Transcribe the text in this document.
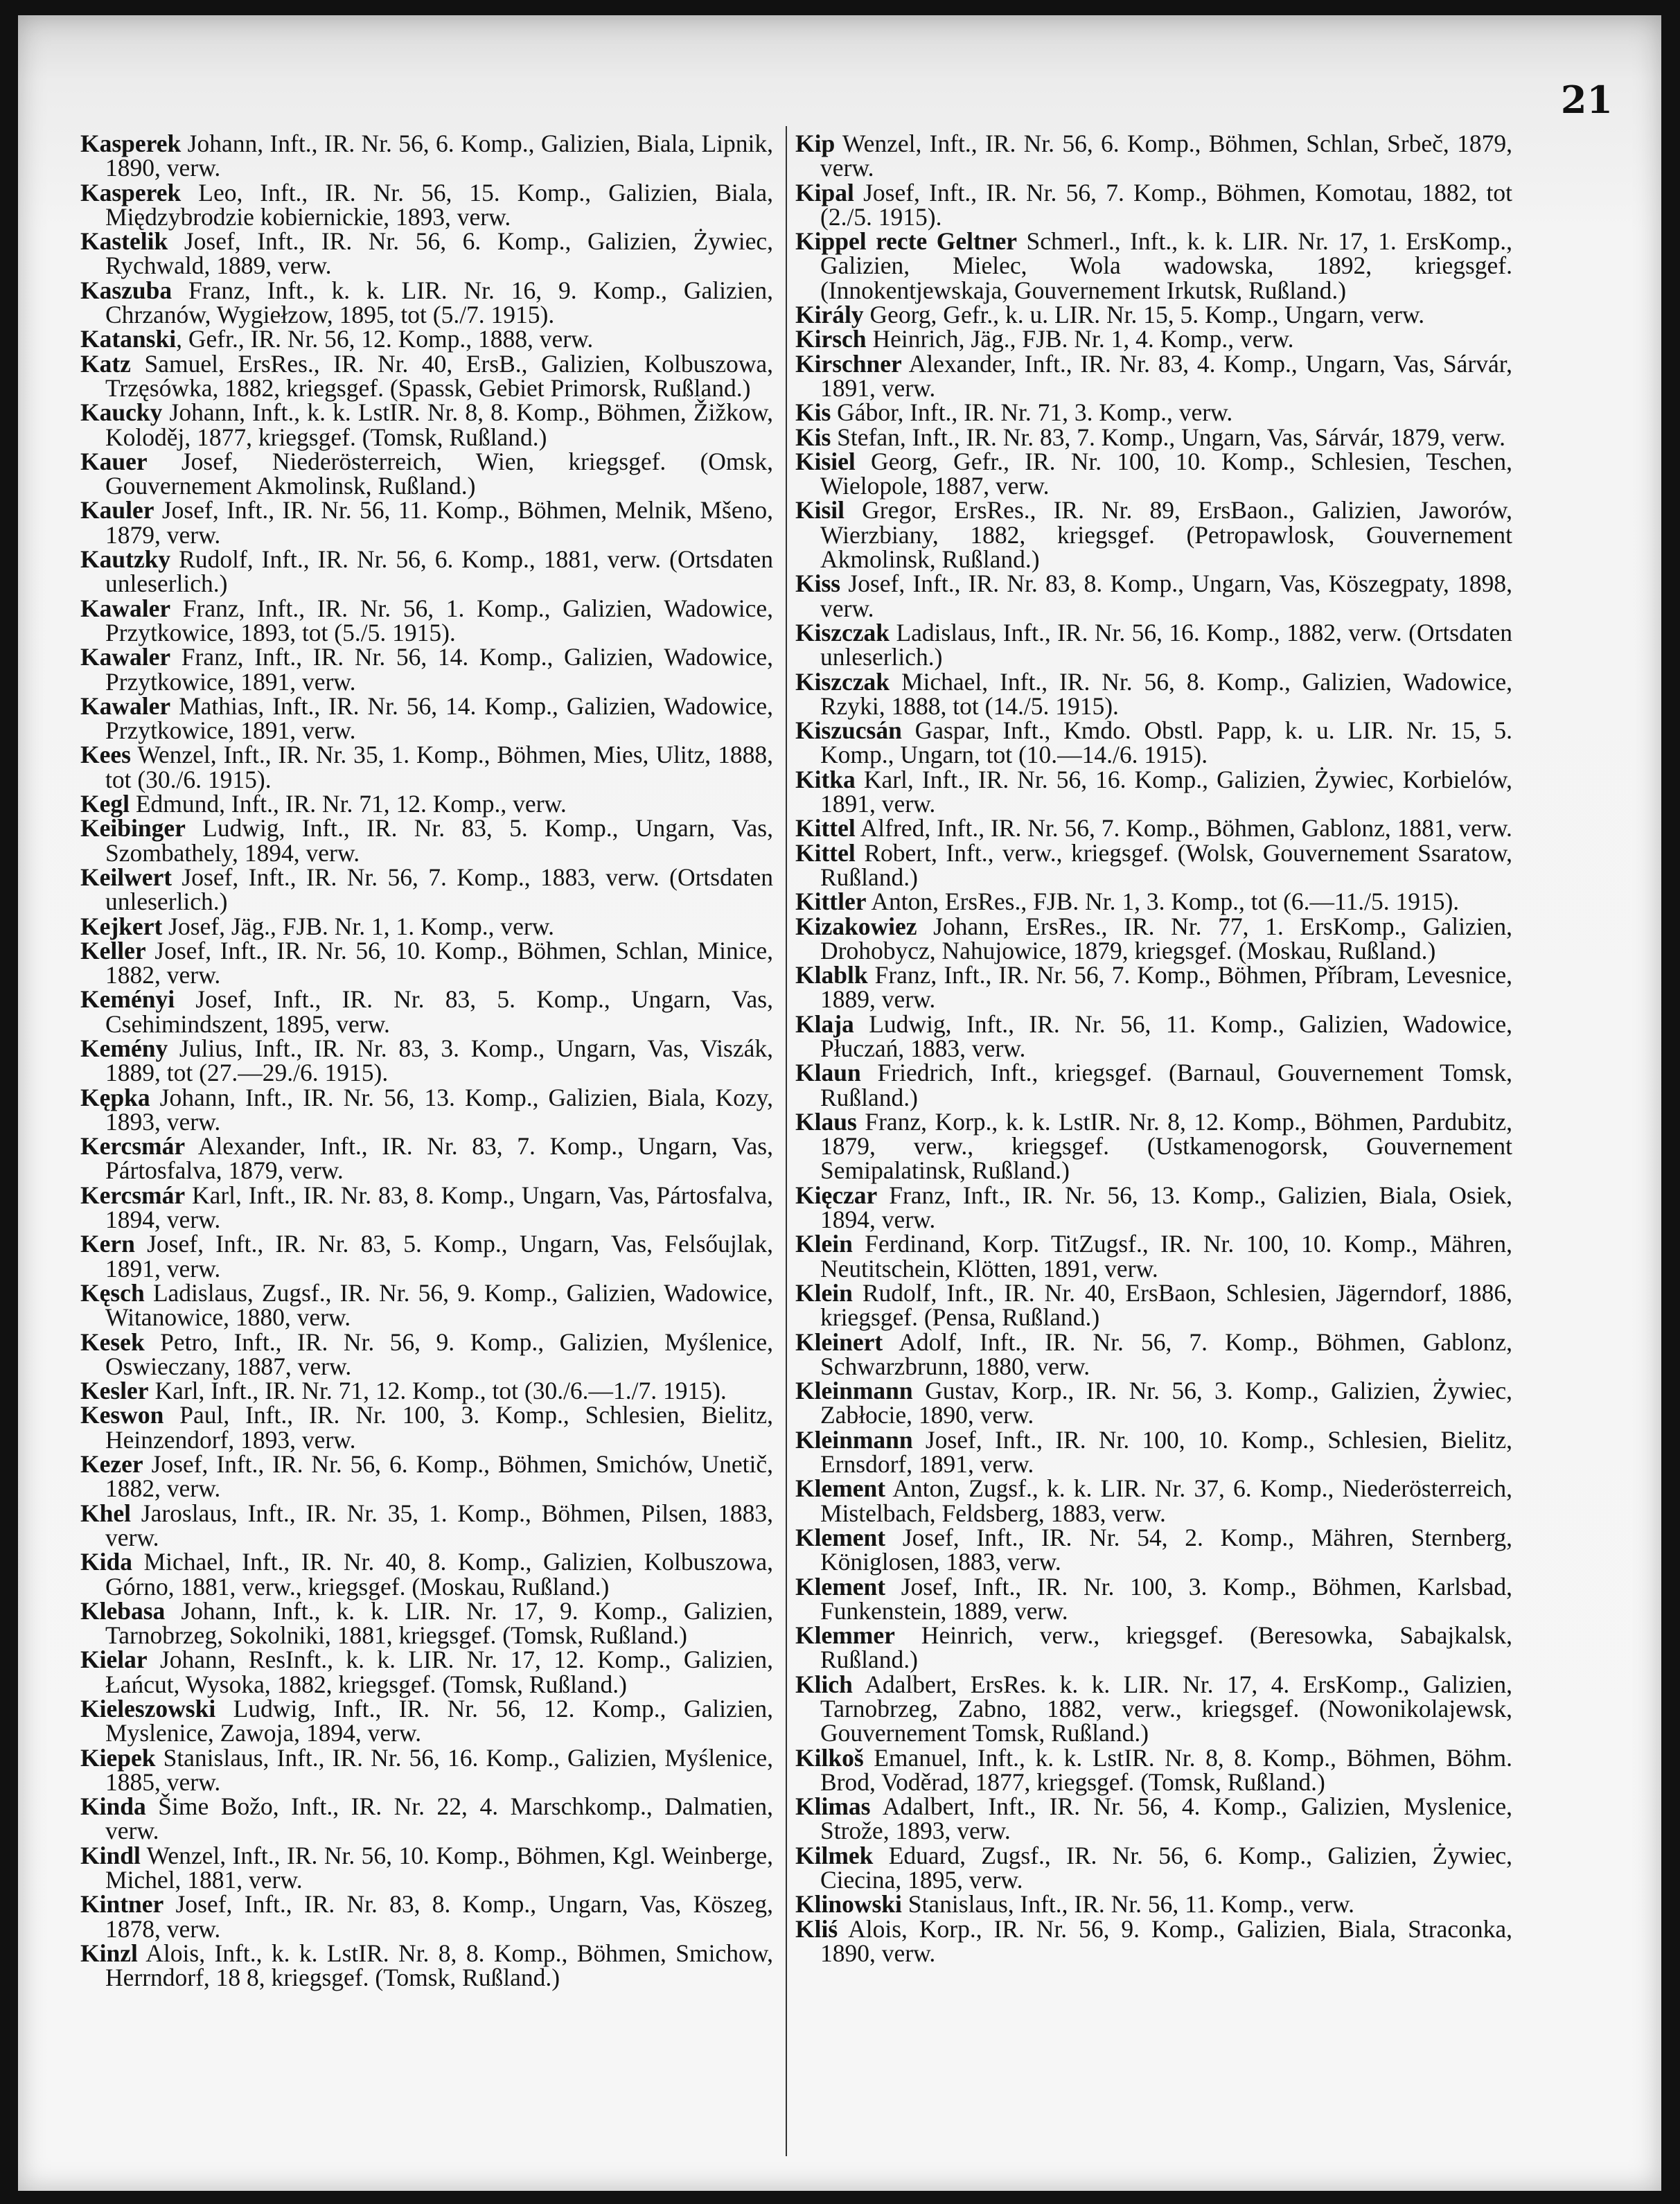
21
Kasperek Johann, Inft., IR. Nr. 56, 6. Komp., Galizien, Biala, Lipnik, 1890, verw.
Kasperek Leo, Inft., IR. Nr. 56, 15. Komp., Galizien, Biala, Międzybrodzie kobiernickie, 1893, verw.
Kastelik Josef, Inft., IR. Nr. 56, 6. Komp., Galizien, Żywiec, Rychwald, 1889, verw.
Kaszuba Franz, Inft., k. k. LIR. Nr. 16, 9. Komp., Galizien, Chrzanów, Wygiełzow, 1895, tot (5./7. 1915).
Katanski, Gefr., IR. Nr. 56, 12. Komp., 1888, verw.
Katz Samuel, ErsRes., IR. Nr. 40, ErsB., Galizien, Kolbuszowa, Trzęsówka, 1882, kriegsgef. (Spassk, Gebiet Primorsk, Rußland.)
Kaucky Johann, Inft., k. k. LstIR. Nr. 8, 8. Komp., Böhmen, Žižkow, Koloděj, 1877, kriegsgef. (Tomsk, Rußland.)
Kauer Josef, Niederösterreich, Wien, kriegsgef. (Omsk, Gouvernement Akmolinsk, Rußland.)
Kauler Josef, Inft., IR. Nr. 56, 11. Komp., Böhmen, Melnik, Mšeno, 1879, verw.
Kautzky Rudolf, Inft., IR. Nr. 56, 6. Komp., 1881, verw. (Ortsdaten unleserlich.)
Kawaler Franz, Inft., IR. Nr. 56, 1. Komp., Galizien, Wadowice, Przytkowice, 1893, tot (5./5. 1915).
Kawaler Franz, Inft., IR. Nr. 56, 14. Komp., Galizien, Wadowice, Przytkowice, 1891, verw.
Kawaler Mathias, Inft., IR. Nr. 56, 14. Komp., Galizien, Wadowice, Przytkowice, 1891, verw.
Kees Wenzel, Inft., IR. Nr. 35, 1. Komp., Böhmen, Mies, Ulitz, 1888, tot (30./6. 1915).
Kegl Edmund, Inft., IR. Nr. 71, 12. Komp., verw.
Keibinger Ludwig, Inft., IR. Nr. 83, 5. Komp., Ungarn, Vas, Szombathely, 1894, verw.
Keilwert Josef, Inft., IR. Nr. 56, 7. Komp., 1883, verw. (Ortsdaten unleserlich.)
Kejkert Josef, Jäg., FJB. Nr. 1, 1. Komp., verw.
Keller Josef, Inft., IR. Nr. 56, 10. Komp., Böhmen, Schlan, Minice, 1882, verw.
Keményi Josef, Inft., IR. Nr. 83, 5. Komp., Ungarn, Vas, Csehimindszent, 1895, verw.
Kemény Julius, Inft., IR. Nr. 83, 3. Komp., Ungarn, Vas, Viszák, 1889, tot (27.—29./6. 1915).
Kępka Johann, Inft., IR. Nr. 56, 13. Komp., Galizien, Biala, Kozy, 1893, verw.
Kercsmár Alexander, Inft., IR. Nr. 83, 7. Komp., Ungarn, Vas, Pártosfalva, 1879, verw.
Kercsmár Karl, Inft., IR. Nr. 83, 8. Komp., Ungarn, Vas, Pártosfalva, 1894, verw.
Kern Josef, Inft., IR. Nr. 83, 5. Komp., Ungarn, Vas, Felsőujlak, 1891, verw.
Kęsch Ladislaus, Zugsf., IR. Nr. 56, 9. Komp., Galizien, Wadowice, Witanowice, 1880, verw.
Kesek Petro, Inft., IR. Nr. 56, 9. Komp., Galizien, Myślenice, Oswieczany, 1887, verw.
Kesler Karl, Inft., IR. Nr. 71, 12. Komp., tot (30./6.—1./7. 1915).
Keswon Paul, Inft., IR. Nr. 100, 3. Komp., Schlesien, Bielitz, Heinzendorf, 1893, verw.
Kezer Josef, Inft., IR. Nr. 56, 6. Komp., Böhmen, Smichów, Unetič, 1882, verw.
Khel Jaroslaus, Inft., IR. Nr. 35, 1. Komp., Böhmen, Pilsen, 1883, verw.
Kida Michael, Inft., IR. Nr. 40, 8. Komp., Galizien, Kolbuszowa, Górno, 1881, verw., kriegsgef. (Moskau, Rußland.)
Klebasa Johann, Inft., k. k. LIR. Nr. 17, 9. Komp., Galizien, Tarnobrzeg, Sokolniki, 1881, kriegsgef. (Tomsk, Rußland.)
Kielar Johann, ResInft., k. k. LIR. Nr. 17, 12. Komp., Galizien, Łańcut, Wysoka, 1882, kriegsgef. (Tomsk, Rußland.)
Kieleszowski Ludwig, Inft., IR. Nr. 56, 12. Komp., Galizien, Myslenice, Zawoja, 1894, verw.
Kiepek Stanislaus, Inft., IR. Nr. 56, 16. Komp., Galizien, Myślenice, 1885, verw.
Kinda Šime Božo, Inft., IR. Nr. 22, 4. Marschkomp., Dalmatien, verw.
Kindl Wenzel, Inft., IR. Nr. 56, 10. Komp., Böhmen, Kgl. Weinberge, Michel, 1881, verw.
Kintner Josef, Inft., IR. Nr. 83, 8. Komp., Ungarn, Vas, Köszeg, 1878, verw.
Kinzl Alois, Inft., k. k. LstIR. Nr. 8, 8. Komp., Böhmen, Smichow, Herrndorf, 18 8, kriegsgef. (Tomsk, Rußland.)
Kip Wenzel, Inft., IR. Nr. 56, 6. Komp., Böhmen, Schlan, Srbeč, 1879, verw.
Kipal Josef, Inft., IR. Nr. 56, 7. Komp., Böhmen, Komotau, 1882, tot (2./5. 1915).
Kippel recte Geltner Schmerl., Inft., k. k. LIR. Nr. 17, 1. ErsKomp., Galizien, Mielec, Wola wadowska, 1892, kriegsgef. (Innokentjewskaja, Gouvernement Irkutsk, Rußland.)
Király Georg, Gefr., k. u. LIR. Nr. 15, 5. Komp., Ungarn, verw.
Kirsch Heinrich, Jäg., FJB. Nr. 1, 4. Komp., verw.
Kirschner Alexander, Inft., IR. Nr. 83, 4. Komp., Ungarn, Vas, Sárvár, 1891, verw.
Kis Gábor, Inft., IR. Nr. 71, 3. Komp., verw.
Kis Stefan, Inft., IR. Nr. 83, 7. Komp., Ungarn, Vas, Sárvár, 1879, verw.
Kisiel Georg, Gefr., IR. Nr. 100, 10. Komp., Schlesien, Teschen, Wielopole, 1887, verw.
Kisil Gregor, ErsRes., IR. Nr. 89, ErsBaon., Galizien, Jaworów, Wierzbiany, 1882, kriegsgef. (Petropawlosk, Gouvernement Akmolinsk, Rußland.)
Kiss Josef, Inft., IR. Nr. 83, 8. Komp., Ungarn, Vas, Köszegpaty, 1898, verw.
Kiszczak Ladislaus, Inft., IR. Nr. 56, 16. Komp., 1882, verw. (Ortsdaten unleserlich.)
Kiszczak Michael, Inft., IR. Nr. 56, 8. Komp., Galizien, Wadowice, Rzyki, 1888, tot (14./5. 1915).
Kiszucsán Gaspar, Inft., Kmdo. Obstl. Papp, k. u. LIR. Nr. 15, 5. Komp., Ungarn, tot (10.—14./6. 1915).
Kitka Karl, Inft., IR. Nr. 56, 16. Komp., Galizien, Żywiec, Korbielów, 1891, verw.
Kittel Alfred, Inft., IR. Nr. 56, 7. Komp., Böhmen, Gablonz, 1881, verw.
Kittel Robert, Inft., verw., kriegsgef. (Wolsk, Gouvernement Ssaratow, Rußland.)
Kittler Anton, ErsRes., FJB. Nr. 1, 3. Komp., tot (6.—11./5. 1915).
Kizakowiez Johann, ErsRes., IR. Nr. 77, 1. ErsKomp., Galizien, Drohobycz, Nahujowice, 1879, kriegsgef. (Moskau, Rußland.)
Klablk Franz, Inft., IR. Nr. 56, 7. Komp., Böhmen, Příbram, Levesnice, 1889, verw.
Klaja Ludwig, Inft., IR. Nr. 56, 11. Komp., Galizien, Wadowice, Płuczań, 1883, verw.
Klaun Friedrich, Inft., kriegsgef. (Barnaul, Gouvernement Tomsk, Rußland.)
Klaus Franz, Korp., k. k. LstIR. Nr. 8, 12. Komp., Böhmen, Pardubitz, 1879, verw., kriegsgef. (Ustkamenogorsk, Gouvernement Semipalatinsk, Rußland.)
Kięczar Franz, Inft., IR. Nr. 56, 13. Komp., Galizien, Biala, Osiek, 1894, verw.
Klein Ferdinand, Korp. TitZugsf., IR. Nr. 100, 10. Komp., Mähren, Neutitschein, Klötten, 1891, verw.
Klein Rudolf, Inft., IR. Nr. 40, ErsBaon, Schlesien, Jägerndorf, 1886, kriegsgef. (Pensa, Rußland.)
Kleinert Adolf, Inft., IR. Nr. 56, 7. Komp., Böhmen, Gablonz, Schwarzbrunn, 1880, verw.
Kleinmann Gustav, Korp., IR. Nr. 56, 3. Komp., Galizien, Żywiec, Zabłocie, 1890, verw.
Kleinmann Josef, Inft., IR. Nr. 100, 10. Komp., Schlesien, Bielitz, Ernsdorf, 1891, verw.
Klement Anton, Zugsf., k. k. LIR. Nr. 37, 6. Komp., Niederösterreich, Mistelbach, Feldsberg, 1883, verw.
Klement Josef, Inft., IR. Nr. 54, 2. Komp., Mähren, Sternberg, Königlosen, 1883, verw.
Klement Josef, Inft., IR. Nr. 100, 3. Komp., Böhmen, Karlsbad, Funkenstein, 1889, verw.
Klemmer Heinrich, verw., kriegsgef. (Beresowka, Sabajkalsk, Rußland.)
Klich Adalbert, ErsRes. k. k. LIR. Nr. 17, 4. ErsKomp., Galizien, Tarnobrzeg, Zabno, 1882, verw., kriegsgef. (Nowonikolajewsk, Gouvernement Tomsk, Rußland.)
Kilkoš Emanuel, Inft., k. k. LstIR. Nr. 8, 8. Komp., Böhmen, Böhm. Brod, Voděrad, 1877, kriegsgef. (Tomsk, Rußland.)
Klimas Adalbert, Inft., IR. Nr. 56, 4. Komp., Galizien, Myslenice, Strože, 1893, verw.
Kilmek Eduard, Zugsf., IR. Nr. 56, 6. Komp., Galizien, Żywiec, Ciecina, 1895, verw.
Klinowski Stanislaus, Inft., IR. Nr. 56, 11. Komp., verw.
Kliś Alois, Korp., IR. Nr. 56, 9. Komp., Galizien, Biala, Straconka, 1890, verw.
